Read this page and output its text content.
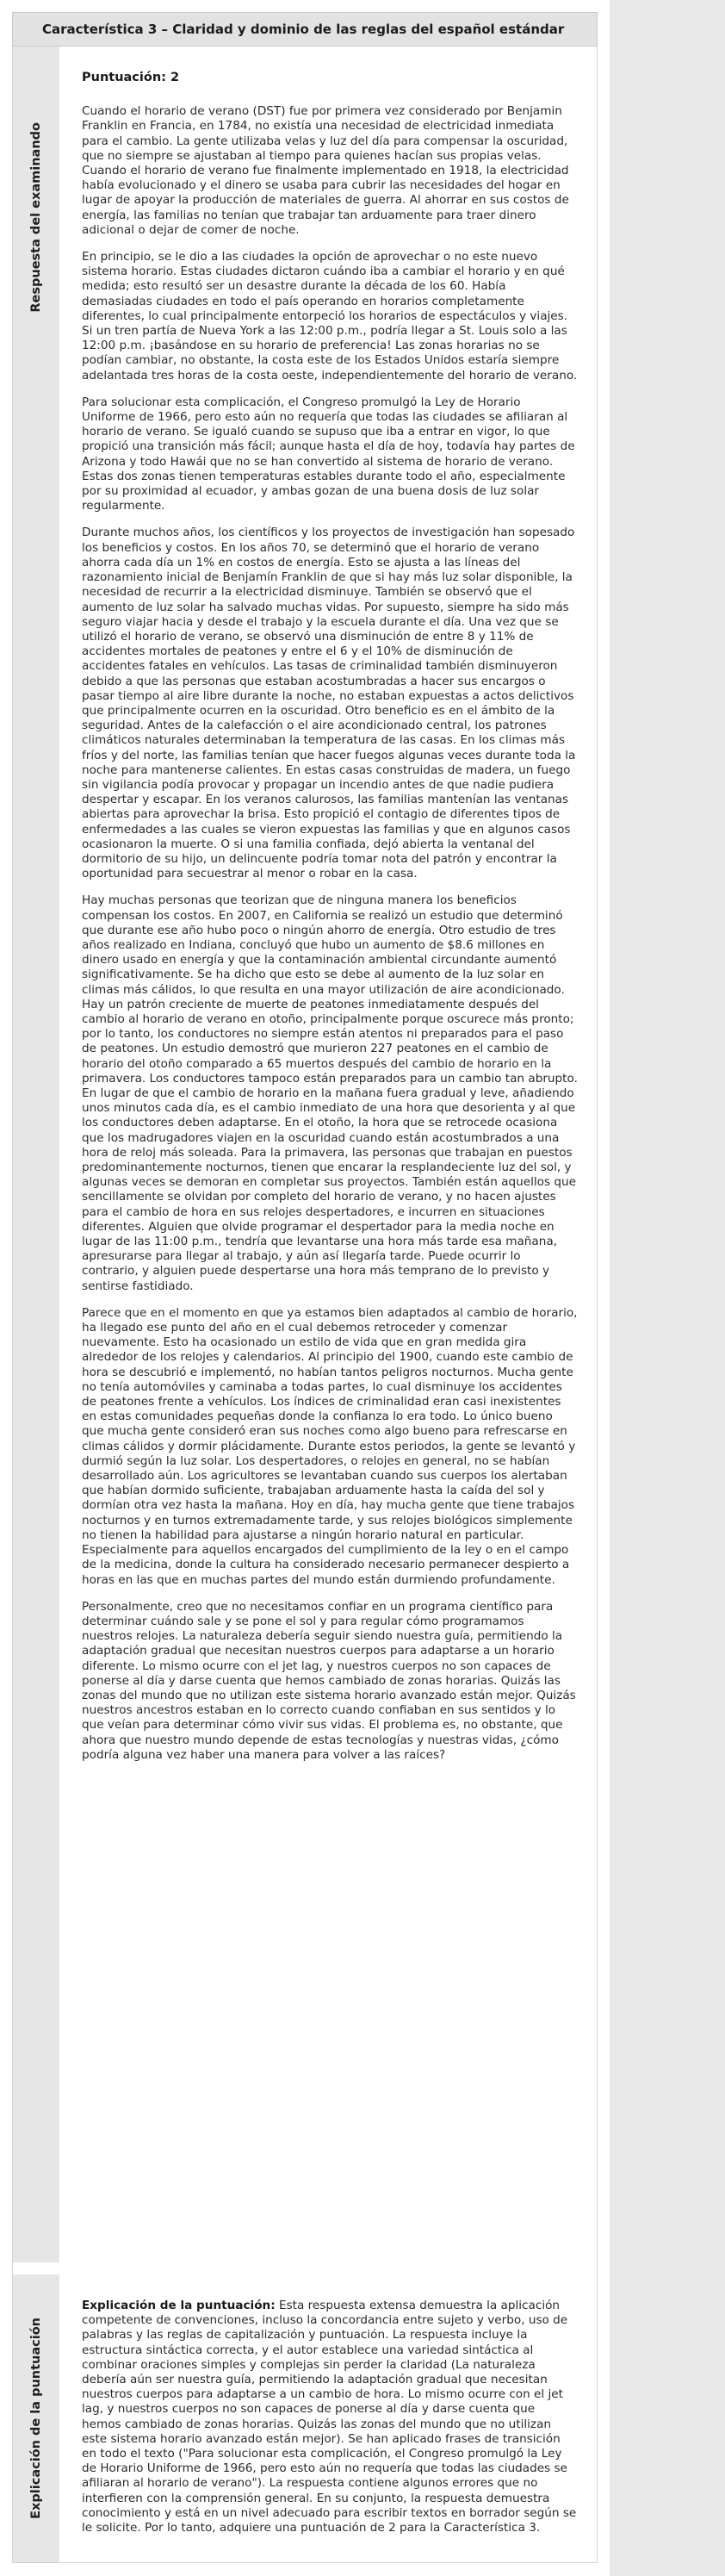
Característica 3 – Claridad y dominio de las reglas del español estándar
Respuesta del examinando
Puntuación: 2

Cuando el horario de verano (DST) fue por primera vez considerado por Benjamin Franklin en Francia, en 1784, no existía una necesidad de electricidad inmediata para el cambio. La gente utilizaba velas y luz del día para compensar la oscuridad, que no siempre se ajustaban al tiempo para quienes hacían sus propias velas. Cuando el horario de verano fue finalmente implementado en 1918, la electricidad había evolucionado y el dinero se usaba para cubrir las necesidades del hogar en lugar de apoyar la producción de materiales de guerra. Al ahorrar en sus costos de energía, las familias no tenían que trabajar tan arduamente para traer dinero adicional o dejar de comer de noche.

En principio, se le dio a las ciudades la opción de aprovechar o no este nuevo sistema horario. Estas ciudades dictaron cuándo iba a cambiar el horario y en qué medida; esto resultó ser un desastre durante la década de los 60. Había demasiadas ciudades en todo el país operando en horarios completamente diferentes, lo cual principalmente entorpeció los horarios de espectáculos y viajes. Si un tren partía de Nueva York a las 12:00 p.m., podría llegar a St. Louis solo a las 12:00 p.m. ¡basándose en su horario de preferencia! Las zonas horarias no se podían cambiar, no obstante, la costa este de los Estados Unidos estaría siempre adelantada tres horas de la costa oeste, independientemente del horario de verano.

Para solucionar esta complicación, el Congreso promulgó la Ley de Horario Uniforme de 1966, pero esto aún no requería que todas las ciudades se afiliaran al horario de verano. Se igualó cuando se supuso que iba a entrar en vigor, lo que propició una transición más fácil; aunque hasta el día de hoy, todavía hay partes de Arizona y todo Hawái que no se han convertido al sistema de horario de verano. Estas dos zonas tienen temperaturas estables durante todo el año, especialmente por su proximidad al ecuador, y ambas gozan de una buena dosis de luz solar regularmente.

Durante muchos años, los científicos y los proyectos de investigación han sopesado los beneficios y costos. En los años 70, se determinó que el horario de verano ahorra cada día un 1% en costos de energía. Esto se ajusta a las líneas del razonamiento inicial de Benjamín Franklin de que si hay más luz solar disponible, la necesidad de recurrir a la electricidad disminuye. También se observó que el aumento de luz solar ha salvado muchas vidas. Por supuesto, siempre ha sido más seguro viajar hacia y desde el trabajo y la escuela durante el día. Una vez que se utilizó el horario de verano, se observó una disminución de entre 8 y 11% de accidentes mortales de peatones y entre el 6 y el 10% de disminución de accidentes fatales en vehículos. Las tasas de criminalidad también disminuyeron debido a que las personas que estaban acostumbradas a hacer sus encargos o pasar tiempo al aire libre durante la noche, no estaban expuestas a actos delictivos que principalmente ocurren en la oscuridad. Otro beneficio es en el ámbito de la seguridad. Antes de la calefacción o el aire acondicionado central, los patrones climáticos naturales determinaban la temperatura de las casas. En los climas más fríos y del norte, las familias tenían que hacer fuegos algunas veces durante toda la noche para mantenerse calientes. En estas casas construidas de madera, un fuego sin vigilancia podía provocar y propagar un incendio antes de que nadie pudiera despertar y escapar. En los veranos calurosos, las familias mantenían las ventanas abiertas para aprovechar la brisa. Esto propició el contagio de diferentes tipos de enfermedades a las cuales se vieron expuestas las familias y que en algunos casos ocasionaron la muerte. O si una familia confiada, dejó abierta la ventanal del dormitorio de su hijo, un delincuente podría tomar nota del patrón y encontrar la oportunidad para secuestrar al menor o robar en la casa.

Hay muchas personas que teorizan que de ninguna manera los beneficios compensan los costos. En 2007, en California se realizó un estudio que determinó que durante ese año hubo poco o ningún ahorro de energía. Otro estudio de tres años realizado en Indiana, concluyó que hubo un aumento de $8.6 millones en dinero usado en energía y que la contaminación ambiental circundante aumentó significativamente. Se ha dicho que esto se debe al aumento de la luz solar en climas más cálidos, lo que resulta en una mayor utilización de aire acondicionado. Hay un patrón creciente de muerte de peatones inmediatamente después del cambio al horario de verano en otoño, principalmente porque oscurece más pronto; por lo tanto, los conductores no siempre están atentos ni preparados para el paso de peatones. Un estudio demostró que murieron 227 peatones en el cambio de horario del otoño comparado a 65 muertos después del cambio de horario en la primavera. Los conductores tampoco están preparados para un cambio tan abrupto. En lugar de que el cambio de horario en la mañana fuera gradual y leve, añadiendo unos minutos cada día, es el cambio inmediato de una hora que desorienta y al que los conductores deben adaptarse. En el otoño, la hora que se retrocede ocasiona que los madrugadores viajen en la oscuridad cuando están acostumbrados a una hora de reloj más soleada. Para la primavera, las personas que trabajan en puestos predominantemente nocturnos, tienen que encarar la resplandeciente luz del sol, y algunas veces se demoran en completar sus proyectos. También están aquellos que sencillamente se olvidan por completo del horario de verano, y no hacen ajustes para el cambio de hora en sus relojes despertadores, e incurren en situaciones diferentes. Alguien que olvide programar el despertador para la media noche en lugar de las 11:00 p.m., tendría que levantarse una hora más tarde esa mañana, apresurarse para llegar al trabajo, y aún así llegaría tarde. Puede ocurrir lo contrario, y alguien puede despertarse una hora más temprano de lo previsto y sentirse fastidiado.

Parece que en el momento en que ya estamos bien adaptados al cambio de horario, ha llegado ese punto del año en el cual debemos retroceder y comenzar nuevamente. Esto ha ocasionado un estilo de vida que en gran medida gira alrededor de los relojes y calendarios. Al principio del 1900, cuando este cambio de hora se descubrió e implementó, no habían tantos peligros nocturnos. Mucha gente no tenía automóviles y caminaba a todas partes, lo cual disminuye los accidentes de peatones frente a vehículos. Los índices de criminalidad eran casi inexistentes en estas comunidades pequeñas donde la confianza lo era todo. Lo único bueno que mucha gente consideró eran sus noches como algo bueno para refrescarse en climas cálidos y dormir plácidamente. Durante estos periodos, la gente se levantó y durmió según la luz solar. Los despertadores, o relojes en general, no se habían desarrollado aún. Los agricultores se levantaban cuando sus cuerpos los alertaban que habían dormido suficiente, trabajaban arduamente hasta la caída del sol y dormían otra vez hasta la mañana. Hoy en día, hay mucha gente que tiene trabajos nocturnos y en turnos extremadamente tarde, y sus relojes biológicos simplemente no tienen la habilidad para ajustarse a ningún horario natural en particular. Especialmente para aquellos encargados del cumplimiento de la ley o en el campo de la medicina, donde la cultura ha considerado necesario permanecer despierto a horas en las que en muchas partes del mundo están durmiendo profundamente.

Personalmente, creo que no necesitamos confiar en un programa científico para determinar cuándo sale y se pone el sol y para regular cómo programamos nuestros relojes. La naturaleza debería seguir siendo nuestra guía, permitiendo la adaptación gradual que necesitan nuestros cuerpos para adaptarse a un horario diferente. Lo mismo ocurre con el jet lag, y nuestros cuerpos no son capaces de ponerse al día y darse cuenta que hemos cambiado de zonas horarias. Quizás las zonas del mundo que no utilizan este sistema horario avanzado están mejor. Quizás nuestros ancestros estaban en lo correcto cuando confiaban en sus sentidos y lo que veían para determinar cómo vivir sus vidas. El problema es, no obstante, que ahora que nuestro mundo depende de estas tecnologías y nuestras vidas, ¿cómo podría alguna vez haber una manera para volver a las raíces?

Explicación de la puntuación

Explicación de la puntuación: Esta respuesta extensa demuestra la aplicación competente de convenciones, incluso la concordancia entre sujeto y verbo, uso de palabras y las reglas de capitalización y puntuación. La respuesta incluye la estructura sintáctica correcta, y el autor establece una variedad sintáctica al combinar oraciones simples y complejas sin perder la claridad (La naturaleza debería aún ser nuestra guía, permitiendo la adaptación gradual que necesitan nuestros cuerpos para adaptarse a un cambio de hora. Lo mismo ocurre con el jet lag, y nuestros cuerpos no son capaces de ponerse al día y darse cuenta que hemos cambiado de zonas horarias. Quizás las zonas del mundo que no utilizan este sistema horario avanzado están mejor). Se han aplicado frases de transición en todo el texto ("Para solucionar esta complicación, el Congreso promulgó la Ley de Horario Uniforme de 1966, pero esto aún no requería que todas las ciudades se afiliaran al horario de verano"). La respuesta contiene algunos errores que no interfieren con la comprensión general. En su conjunto, la respuesta demuestra conocimiento y está en un nivel adecuado para escribir textos en borrador según se le solicite. Por lo tanto, adquiere una puntuación de 2 para la Característica 3.
